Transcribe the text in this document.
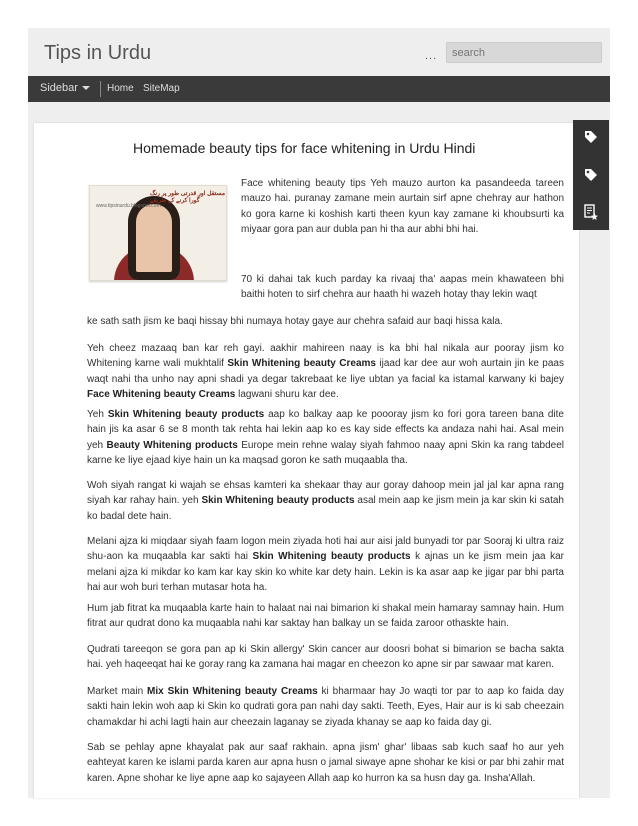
Tips in Urdu	...
search
Sidebar	Home SiteMap
Homemade beauty tips for face whitening in Urdu Hindi
مستقل اور قدرتی طور پر رنگ گورا کرنے کے طریقے
www.tipsinurdu.blogspot.com

Face whitening beauty tips Yeh mauzo aurton ka pasandeeda tareen mauzo hai. puranay zamane mein aurtain sirf apne chehray aur hathon ko gora karne ki koshish karti theen kyun kay zamane ki khoubsurti ka miyaar gora pan aur dubla pan hi tha aur abhi bhi hai.

70 ki dahai tak kuch parday ka rivaaj tha' aapas mein khawateen bhi baithi hoten to sirf chehra aur haath hi wazeh hotay thay lekin waqt

ke sath sath jism ke baqi hissay bhi numaya hotay gaye aur chehra safaid aur baqi hissa kala.

Yeh cheez mazaaq ban kar reh gayi. aakhir mahireen naay is ka bhi hal nikala aur pooray jism ko Whitening karne wali mukhtalif Skin Whitening beauty Creams ijaad kar dee aur woh aurtain jin ke paas waqt nahi tha unho nay apni shadi ya degar takrebaat ke liye ubtan ya facial ka istamal karwany ki bajey Face Whitening beauty Creams lagwani shuru kar dee.

Yeh Skin Whitening beauty products aap ko balkay aap ke poooray jism ko fori gora tareen bana dite hain jis ka asar 6 se 8 month tak rehta hai lekin aap ko es kay side effects ka andaza nahi hai. Asal mein yeh Beauty Whitening products Europe mein rehne walay siyah fahmoo naay apni Skin ka rang tabdeel karne ke liye ejaad kiye hain un ka maqsad goron ke sath muqaabla tha.

Woh siyah rangat ki wajah se ehsas kamteri ka shekaar thay aur goray dahoop mein jal jal kar apna rang siyah kar rahay hain. yeh Skin Whitening beauty products asal mein aap ke jism mein ja kar skin ki satah ko badal dete hain.

Melani ajza ki miqdaar siyah faam logon mein ziyada hoti hai aur aisi jald bunyadi tor par Sooraj ki ultra raiz shu-aon ka muqaabla kar sakti hai Skin Whitening beauty products k ajnas un ke jism mein jaa kar melani ajza ki mikdar ko kam kar kay skin ko white kar dety hain. Lekin is ka asar aap ke jigar par bhi parta hai aur woh buri terhan mutasar hota ha.

Hum jab fitrat ka muqaabla karte hain to halaat nai nai bimarion ki shakal mein hamaray samnay hain. Hum fitrat aur qudrat dono ka muqaabla nahi kar saktay han balkay un se faida zaroor othaskte hain.

Qudrati tareeqon se gora pan ap ki Skin allergy' Skin cancer aur doosri bohat si bimarion se bacha sakta hai. yeh haqeeqat hai ke goray rang ka zamana hai magar en cheezon ko apne sir par sawaar mat karen.

Market main Mix Skin Whitening beauty Creams ki bharmaar hay Jo waqti tor par to aap ko faida day sakti hain lekin woh aap ki Skin ko qudrati gora pan nahi day sakti. Teeth, Eyes, Hair aur is ki sab cheezain chamakdar hi achi lagti hain aur cheezain laganay se ziyada khanay se aap ko faida day gi.

Sab se pehlay apne khayalat pak aur saaf rakhain. apna jism' ghar' libaas sab kuch saaf ho aur yeh eahteyat karen ke islami parda karen aur apna husn o jamal siwaye apne shohar ke kisi or par bhi zahir mat karen. Apne shohar ke liye apne aap ko sajayeen Allah aap ko hurron ka sa husn day ga. Insha'Allah.
